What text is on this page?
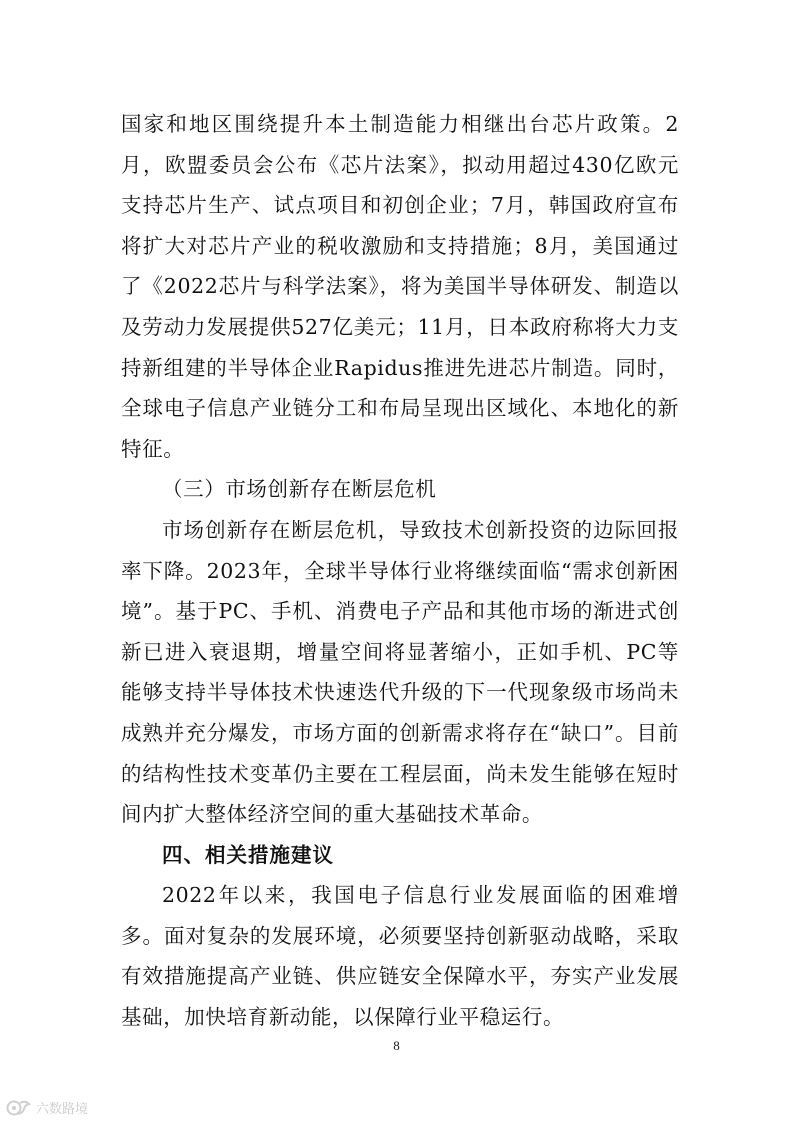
国家和地区围绕提升本土制造能力相继出台芯片政策。2月，欧盟委员会公布《芯片法案》，拟动用超过430亿欧元支持芯片生产、试点项目和初创企业；7月，韩国政府宣布将扩大对芯片产业的税收激励和支持措施；8月，美国通过了《2022芯片与科学法案》，将为美国半导体研发、制造以及劳动力发展提供527亿美元；11月，日本政府称将大力支持新组建的半导体企业Rapidus推进先进芯片制造。同时，全球电子信息产业链分工和布局呈现出区域化、本地化的新特征。

（三）市场创新存在断层危机

市场创新存在断层危机，导致技术创新投资的边际回报率下降。2023年，全球半导体行业将继续面临“需求创新困境”。基于PC、手机、消费电子产品和其他市场的渐进式创新已进入衰退期，增量空间将显著缩小，正如手机、PC等能够支持半导体技术快速迭代升级的下一代现象级市场尚未成熟并充分爆发，市场方面的创新需求将存在“缺口”。目前的结构性技术变革仍主要在工程层面，尚未发生能够在短时间内扩大整体经济空间的重大基础技术革命。

四、相关措施建议

2022年以来，我国电子信息行业发展面临的困难增多。面对复杂的发展环境，必须要坚持创新驱动战略，采取有效措施提高产业链、供应链安全保障水平，夯实产业发展基础，加快培育新动能，以保障行业平稳运行。

8
六数路境
